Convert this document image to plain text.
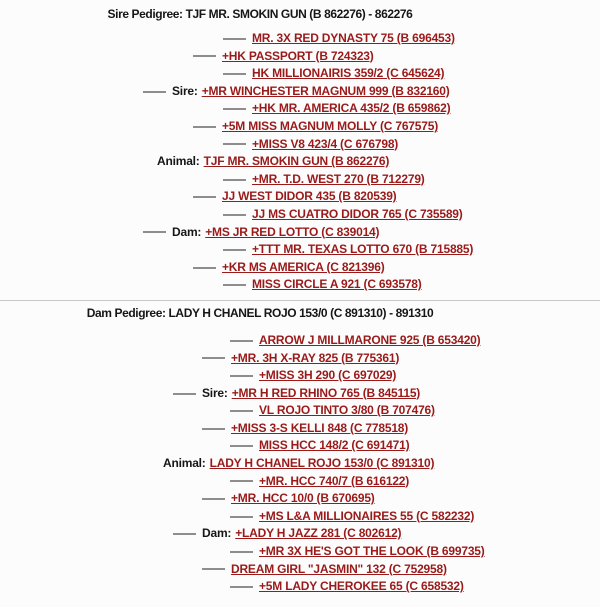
Sire Pedigree: TJF MR. SMOKIN GUN (B 862276) - 862276
MR. 3X RED DYNASTY 75 (B 696453)
+HK PASSPORT (B 724323)
HK MILLIONAIRIS 359/2 (C 645624)
Sire: +MR WINCHESTER MAGNUM 999 (B 832160)
+HK MR. AMERICA 435/2 (B 659862)
+5M MISS MAGNUM MOLLY (C 767575)
+MISS V8 423/4 (C 676798)
Animal: TJF MR. SMOKIN GUN (B 862276)
+MR. T.D. WEST 270 (B 712279)
JJ WEST DIDOR 435 (B 820539)
JJ MS CUATRO DIDOR 765 (C 735589)
Dam: +MS JR RED LOTTO (C 839014)
+TTT MR. TEXAS LOTTO 670 (B 715885)
+KR MS AMERICA (C 821396)
MISS CIRCLE A 921 (C 693578)
Dam Pedigree: LADY H CHANEL ROJO 153/0 (C 891310) - 891310
ARROW J MILLMARONE 925 (B 653420)
+MR. 3H X-RAY 825 (B 775361)
+MISS 3H 290 (C 697029)
Sire: +MR H RED RHINO 765 (B 845115)
VL ROJO TINTO 3/80 (B 707476)
+MISS 3-S KELLI 848 (C 778518)
MISS HCC 148/2 (C 691471)
Animal: LADY H CHANEL ROJO 153/0 (C 891310)
+MR. HCC 740/7 (B 616122)
+MR. HCC 10/0 (B 670695)
+MS L&A MILLIONAIRES 55 (C 582232)
Dam: +LADY H JAZZ 281 (C 802612)
+MR 3X HE'S GOT THE LOOK (B 699735)
DREAM GIRL "JASMIN" 132 (C 752958)
+5M LADY CHEROKEE 65 (C 658532)
